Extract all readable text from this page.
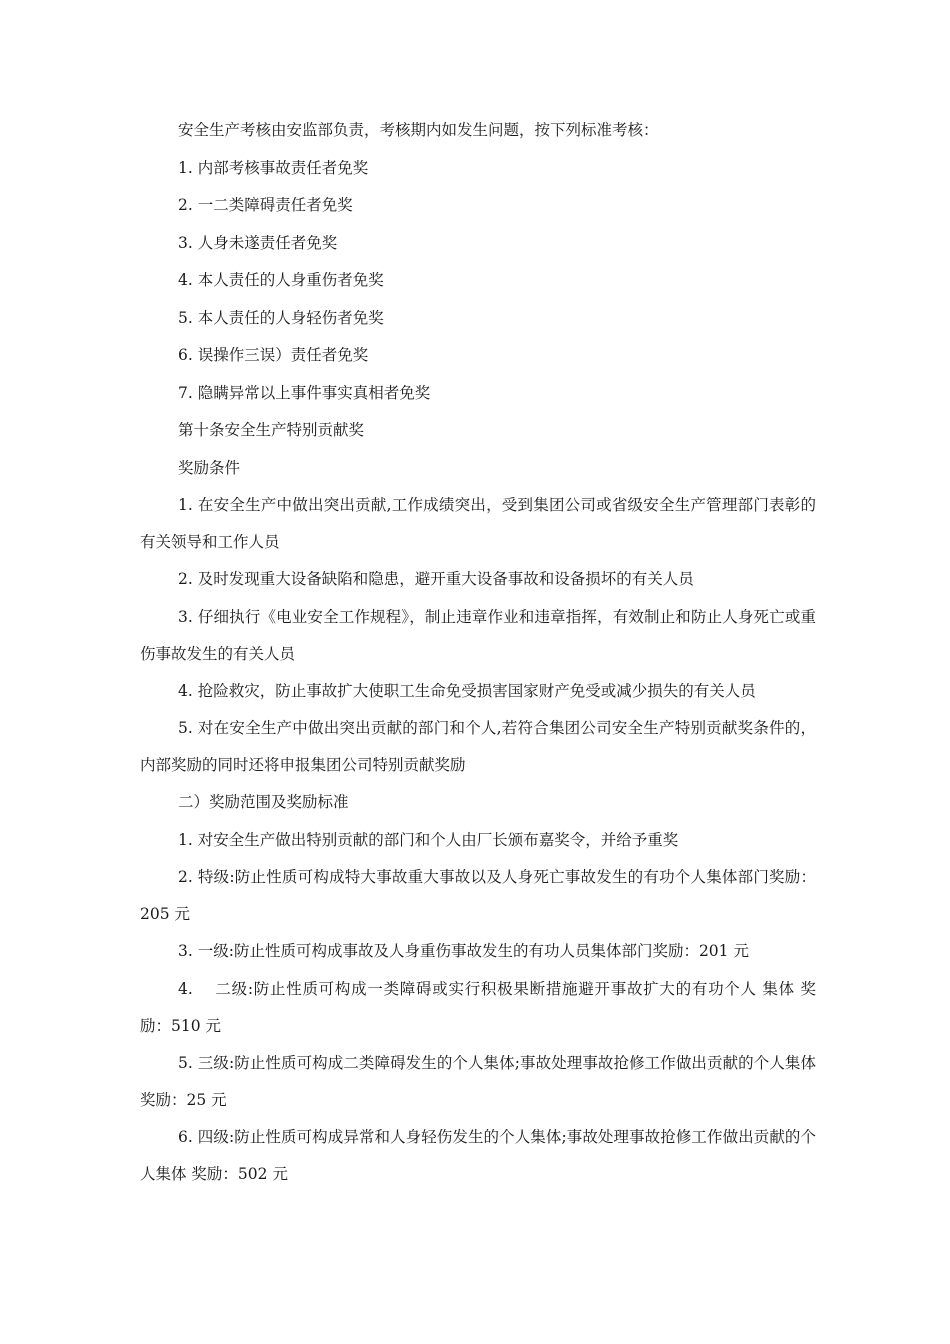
安全生产考核由安监部负责，考核期内如发生问题，按下列标准考核：

1. 内部考核事故责任者免奖

2. 一二类障碍责任者免奖

3. 人身未遂责任者免奖

4. 本人责任的人身重伤者免奖

5. 本人责任的人身轻伤者免奖

6. 误操作三误）责任者免奖

7. 隐瞒异常以上事件事实真相者免奖

第十条安全生产特别贡献奖

奖励条件

1. 在安全生产中做出突出贡献,工作成绩突出，受到集团公司或省级安全生产管理部门表彰的有关领导和工作人员

2. 及时发现重大设备缺陷和隐患，避开重大设备事故和设备损坏的有关人员

3. 仔细执行《电业安全工作规程》，制止违章作业和违章指挥，有效制止和防止人身死亡或重伤事故发生的有关人员

4. 抢险救灾，防止事故扩大使职工生命免受损害国家财产免受或减少损失的有关人员

5. 对在安全生产中做出突出贡献的部门和个人,若符合集团公司安全生产特别贡献奖条件的，内部奖励的同时还将申报集团公司特别贡献奖励

二）奖励范围及奖励标准

1. 对安全生产做出特别贡献的部门和个人由厂长颁布嘉奖令，并给予重奖

2. 特级:防止性质可构成特大事故重大事故以及人身死亡事故发生的有功个人集体部门奖励：205 元

3. 一级:防止性质可构成事故及人身重伤事故发生的有功人员集体部门奖励：201 元

4.　 二级:防止性质可构成一类障碍或实行积极果断措施避开事故扩大的有功个人 集体 奖励：510 元

5. 三级:防止性质可构成二类障碍发生的个人集体;事故处理事故抢修工作做出贡献的个人集体奖励：25 元

6. 四级:防止性质可构成异常和人身轻伤发生的个人集体;事故处理事故抢修工作做出贡献的个人集体 奖励：502 元
